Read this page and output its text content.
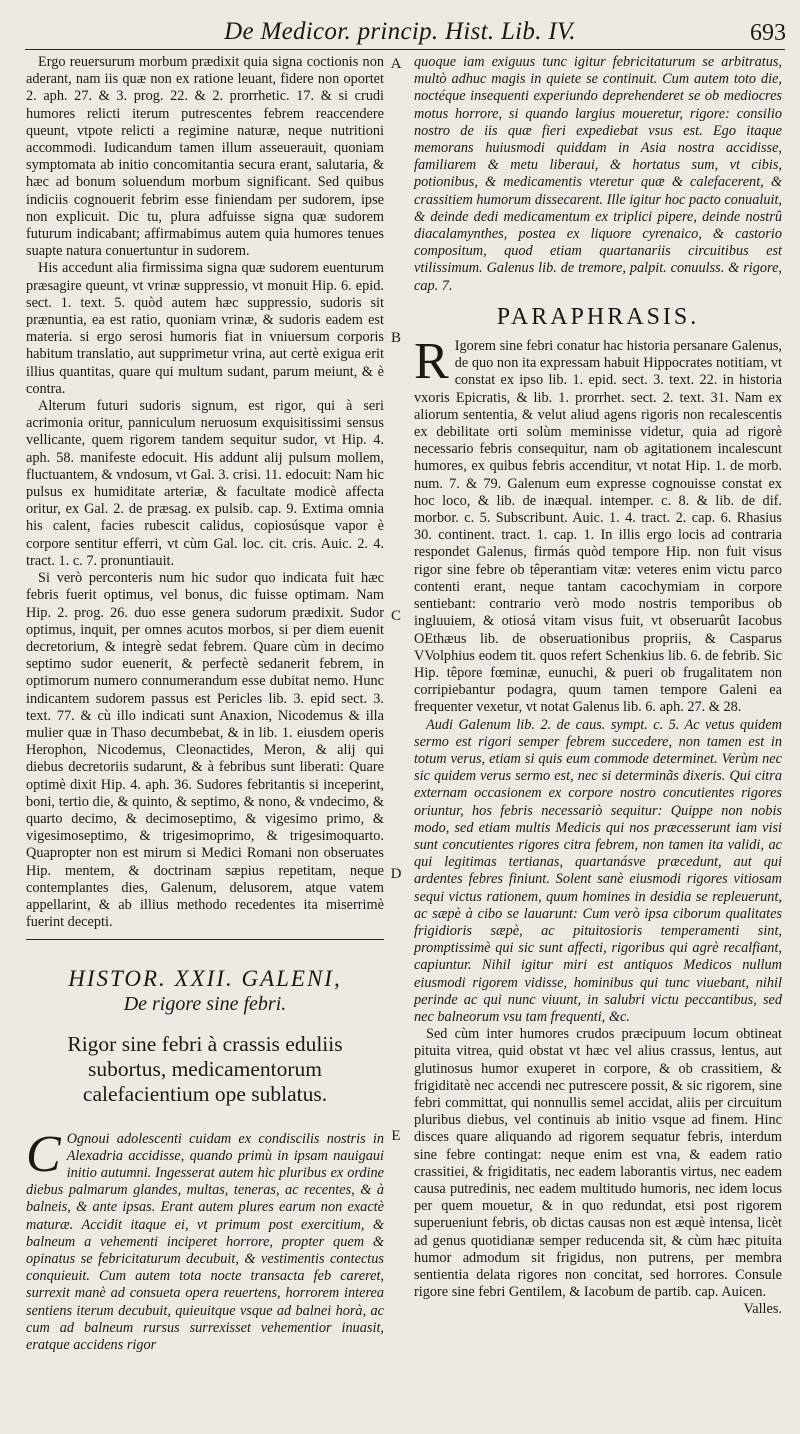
De Medicor. princip. Hist. Lib. IV.	693
A
B
C
D
E

Ergo reuersurum morbum prædixit quia signa coctionis non aderant, nam iis quæ non ex ratione leuant, fidere non oportet 2. aph. 27. & 3. prog. 22. & 2. prorrhetic. 17. & si crudi humores relicti iterum putrescentes febrem reaccendere queunt, vtpote relicti a regimine naturæ, neque nutritioni accommodi. Iudicandum tamen illum asseuerauit, quoniam symptomata ab initio concomitantia secura erant, salutaria, & hæc ad bonum soluendum morbum significant. Sed quibus indiciis cognouerit febrim esse finiendam per sudorem, ipse non explicuit. Dic tu, plura adfuisse signa quæ sudorem futurum indicabant; affirmabimus autem quia humores tenues suapte natura conuertuntur in sudorem.

His accedunt alia firmissima signa quæ sudorem euenturum præsagire queunt, vt vrinæ suppressio, vt monuit Hip. 6. epid. sect. 1. text. 5. quòd autem hæc suppressio, sudoris sit prænuntia, ea est ratio, quoniam vrinæ, & sudoris eadem est materia. si ergo serosi humoris fiat in vniuersum corporis habitum translatio, aut supprimetur vrina, aut certè exigua erit illius quantitas, quare qui multum sudant, parum meiunt, & è contra.

Alterum futuri sudoris signum, est rigor, qui à seri acrimonia oritur, panniculum neruosum exquisitissimi sensus vellicante, quem rigorem tandem sequitur sudor, vt Hip. 4. aph. 58. manifeste edocuit. His addunt alij pulsum mollem, fluctuantem, & vndosum, vt Gal. 3. crisi. 11. edocuit: Nam hic pulsus ex humiditate arteriæ, & facultate modicè affecta oritur, ex Gal. 2. de præsag. ex pulsib. cap. 9. Extima omnia his calent, facies rubescit calidus, copiosúsque vapor è corpore sentitur efferri, vt cùm Gal. loc. cit. cris. Auic. 2. 4. tract. 1. c. 7. pronuntiauit.

Si verò perconteris num hic sudor quo indicata fuit hæc febris fuerit optimus, vel bonus, dic fuisse optimam. Nam Hip. 2. prog. 26. duo esse genera sudorum prædixit. Sudor optimus, inquit, per omnes acutos morbos, si per diem euenit decretorium, & integrè sedat febrem. Quare cùm in decimo septimo sudor euenerit, & perfectè sedanerit febrem, in optimorum numero connumerandum esse dubitat nemo. Hunc indicantem sudorem passus est Pericles lib. 3. epid sect. 3. text. 77. & cù illo indicati sunt Anaxion, Nicodemus & illa mulier quæ in Thaso decumbebat, & in lib. 1. eiusdem operis Herophon, Nicodemus, Cleonactides, Meron, & alij qui diebus decretoriis sudarunt, & à febribus sunt liberati: Quare optimè dixit Hip. 4. aph. 36. Sudores febritantis si inceperint, boni, tertio die, & quinto, & septimo, & nono, & vndecimo, & quarto decimo, & decimoseptimo, & vigesimo primo, & vigesimoseptimo, & trigesimoprimo, & trigesimoquarto. Quapropter non est mirum si Medici Romani non obseruates Hip. mentem, & doctrinam sæpius repetitam, neque contemplantes dies, Galenum, delusorem, atque vatem appellarint, & ab illius methodo recedentes ita miserrimè fuerint decepti.

HISTOR. XXII. GALENI,
De rigore sine febri.
Rigor sine febri à crassis eduliis subortus, medicamentorum calefacientium ope sublatus.

C Ognoui adolescenti cuidam ex condiscilis nostris in Alexadria accidisse, quando primù in ipsam nauigaui initio autumni. Ingesserat autem hic pluribus ex ordine diebus palmarum glandes, multas, teneras, ac recentes, & à balneis, & ante ipsas. Erant autem plures earum non exactè maturæ. Accidit itaque ei, vt primum post exercitium, & balneum a vehementi inciperet horrore, propter quem & opinatus se febricitaturum decubuit, & vestimentis contectus conquieuit. Cum autem tota nocte transacta feb careret, surrexit manè ad consueta opera reuertens, horrorem interea sentiens iterum decubuit, quieuitque vsque ad balnei horà, ac cum ad balneum rursus surrexisset vehementior inuasit, eratque accidens rigor

quoque iam exiguus tunc igitur febricitaturum se arbitratus, multò adhuc magis in quiete se continuit. Cum autem toto die, noctéque insequenti experiundo deprehenderet se ob mediocres motus horrore, si quando largius moueretur, rigore: consilio nostro de iis quæ fieri expediebat vsus est. Ego itaque memorans huiusmodi quiddam in Asia nostra accidisse, familiarem & metu liberaui, & hortatus sum, vt cibis, potionibus, & medicamentis vteretur quæ & calefacerent, & crassitiem humorum dissecarent. Ille igitur hoc pacto conualuit, & deinde dedi medicamentum ex triplici pipere, deinde nostrû diacalamynthes, postea ex liquore cyrenaico, & castorio compositum, quod etiam quartanariis circuitibus est vtilissimum. Galenus lib. de tremore, palpit. conuulss. & rigore, cap. 7.

PARAPHRASIS.

R Igorem sine febri conatur hac historia persanare Galenus, de quo non ita expressam habuit Hippocrates notitiam, vt constat ex ipso lib. 1. epid. sect. 3. text. 22. in historia vxoris Epicratis, & lib. 1. prorrhet. sect. 2. text. 31. Nam ex aliorum sententia, & velut aliud agens rigoris non recalescentis ex debilitate orti solùm meminisse videtur, quia ad rigorè necessario febris consequitur, nam ob agitationem incalescunt humores, ex quibus febris accenditur, vt notat Hip. 1. de morb. num. 7. & 79. Galenum eum expresse cognouisse constat ex hoc loco, & lib. de inæqual. intemper. c. 8. & lib. de dif. morbor. c. 5. Subscribunt. Auic. 1. 4. tract. 2. cap. 6. Rhasius 30. continent. tract. 1. cap. 1. In illis ergo locis ad contraria respondet Galenus, firmás quòd tempore Hip. non fuit visus rigor sine febre ob têperantiam vitæ: veteres enim victu parco contenti erant, neque tantam cacochymiam in corpore sentiebant: contrario verò modo nostris temporibus ob ingluuiem, & otiosá vitam visus fuit, vt obseruarût Iacobus OEthæus lib. de obseruationibus propriis, & Casparus VVolphius eodem tit. quos refert Schenkius lib. 6. de febrib. Sic Hip. têpore fœminæ, eunuchi, & pueri ob frugalitatem non corripiebantur podagra, quum tamen tempore Galeni ea frequenter vexetur, vt notat Galenus lib. 6. aph. 27. & 28.

Audi Galenum lib. 2. de caus. sympt. c. 5. Ac vetus quidem sermo est rigori semper febrem succedere, non tamen est in totum verus, etiam si quis eum commode determinet. Verùm nec sic quidem verus sermo est, nec si determinãs dixeris. Qui citra externam occasionem ex corpore nostro concutientes rigores oriuntur, hos febris necessariò sequitur: Quippe non nobis modo, sed etiam multis Medicis qui nos præcesserunt iam visi sunt concutientes rigores citra febrem, non tamen ita validi, ac qui legitimas tertianas, quartanásve præcedunt, aut qui ardentes febres finiunt. Solent sanè eiusmodi rigores vitiosam sequi victus rationem, quum homines in desidia se repleuerunt, ac sæpè à cibo se lauarunt: Cum verò ipsa ciborum qualitates frigidioris sæpè, ac pituitosioris temperamenti sint, promptissimè qui sic sunt affecti, rigoribus qui agrè recalfiant, capiuntur. Nihil igitur miri est antiquos Medicos nullum eiusmodi rigorem vidisse, hominibus qui tunc viuebant, nihil perinde ac qui nunc viuunt, in salubri victu peccantibus, sed nec balneorum vsu tam frequenti, &c.

Sed cùm inter humores crudos præcipuum locum obtineat pituita vitrea, quid obstat vt hæc vel alius crassus, lentus, aut glutinosus humor exuperet in corpore, & ob crassitiem, & frigiditatè nec accendi nec putrescere possit, & sic rigorem, sine febri committat, qui nonnullis semel accidat, aliis per circuitum pluribus diebus, vel continuis ab initio vsque ad finem. Hinc disces quare aliquando ad rigorem sequatur febris, interdum sine febre contingat: neque enim est vna, & eadem ratio crassitiei, & frigiditatis, nec eadem laborantis virtus, nec eadem causa putredinis, nec eadem multitudo humoris, nec idem locus per quem mouetur, & in quo redundat, etsi post rigorem superueniunt febris, ob dictas causas non est æquè intensa, licèt ad genus quotidianæ semper reducenda sit, & cùm hæc pituita humor admodum sit frigidus, non putrens, per membra sentientia delata rigores non concitat, sed horrores. Consule rigore sine febri Gentilem, & Iacobum de partib. cap. Auicen.

Valles.
